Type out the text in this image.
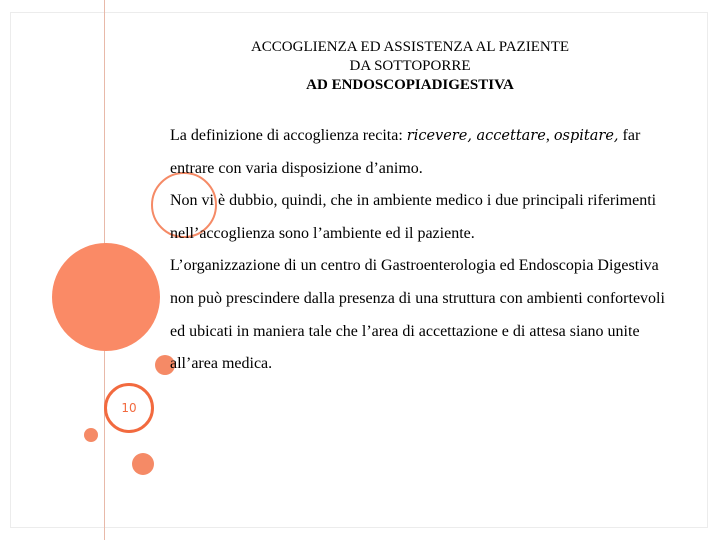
10
ACCOGLIENZA ED ASSISTENZA AL PAZIENTE
DA SOTTOPORRE
AD ENDOSCOPIADIGESTIVA

La definizione di accoglienza recita: ricevere, accettare, ospitare, far entrare con varia disposizione d’animo.

Non vi è dubbio, quindi, che in ambiente medico i due principali riferimenti nell’accoglienza sono l’ambiente ed il paziente.

L’organizzazione di un centro di Gastroenterologia ed Endoscopia Digestiva non può prescindere dalla presenza di una struttura con ambienti confortevoli ed ubicati in maniera tale che l’area di accettazione e di attesa siano unite all’area medica.
